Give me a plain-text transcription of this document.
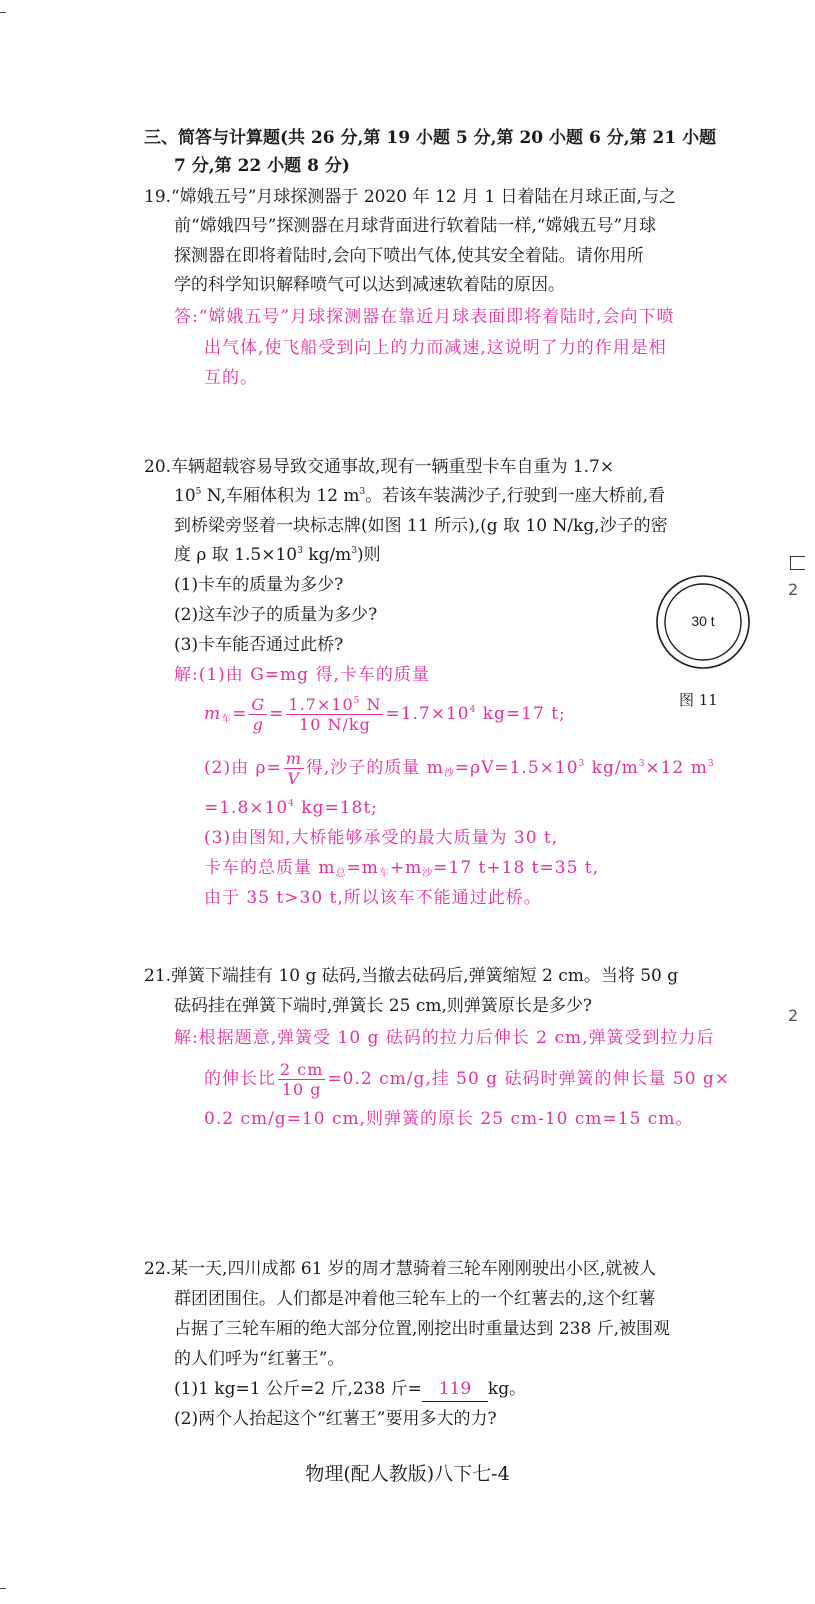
2
2
三、简答与计算题(共 26 分,第 19 小题 5 分,第 20 小题 6 分,第 21 小题
7 分,第 22 小题 8 分)
19.“嫦娥五号”月球探测器于 2020 年 12 月 1 日着陆在月球正面,与之
前“嫦娥四号”探测器在月球背面进行软着陆一样,“嫦娥五号”月球
探测器在即将着陆时,会向下喷出气体,使其安全着陆。请你用所
学的科学知识解释喷气可以达到减速软着陆的原因。
答:“嫦娥五号”月球探测器在靠近月球表面即将着陆时,会向下喷
出气体,使飞船受到向上的力而减速,这说明了力的作用是相
互的。
20.车辆超载容易导致交通事故,现有一辆重型卡车自重为 1.7×
$10^5$ N,车厢体积为 12 $m^3$。若该车装满沙子,行驶到一座大桥前,看
到桥梁旁竖着一块标志牌(如图 11 所示),(g 取 10 N/kg,沙子的密
度 ρ 取 $1.5\times 10^3$ $kg/m^3$)则
(1)卡车的质量为多少?
(2)这车沙子的质量为多少?
(3)卡车能否通过此桥?
30 t
图 11
解:(1)由 G=mg 得,卡车的质量
$m_车= \frac{G}{g} = \frac{1.7\times 10^5 N}{10 N/kg} =1.7\times 10^4$ kg=17 t;
(2)由 $\rho= \frac{m}{V}$ 得,沙子的质量 $m_沙=\rho V=1.5\times 10^3$ $kg/m^3\times 12$ $m^3$
$=1.8\times 10^4$ kg=18t;
(3)由图知,大桥能够承受的最大质量为 30 t,
卡车的总质量 $m_总=m_车+m_沙=17$ t+18 t=35 t,
由于 35 t>30 t,所以该车不能通过此桥。
21.弹簧下端挂有 10 g 砝码,当撤去砝码后,弹簧缩短 2 cm。当将 50 g
砝码挂在弹簧下端时,弹簧长 25 cm,则弹簧原长是多少?
解:根据题意,弹簧受 10 g 砝码的拉力后伸长 2 cm,弹簧受到拉力后
的伸长比 $\frac{2 cm}{10 g} =0.2$ cm/g,挂 50 g 砝码时弹簧的伸长量 50 g×
0.2 cm/g=10 cm,则弹簧的原长 25 cm-10 cm=15 cm。
22.某一天,四川成都 61 岁的周才慧骑着三轮车刚刚驶出小区,就被人
群团团围住。人们都是冲着他三轮车上的一个红薯去的,这个红薯
占据了三轮车厢的绝大部分位置,刚挖出时重量达到 238 斤,被围观
的人们呼为“红薯王”。
(1)1 kg=1 公斤=2 斤,238 斤= 119 kg。
(2)两个人抬起这个“红薯王”要用多大的力?
物理(配人教版)八下七-4
